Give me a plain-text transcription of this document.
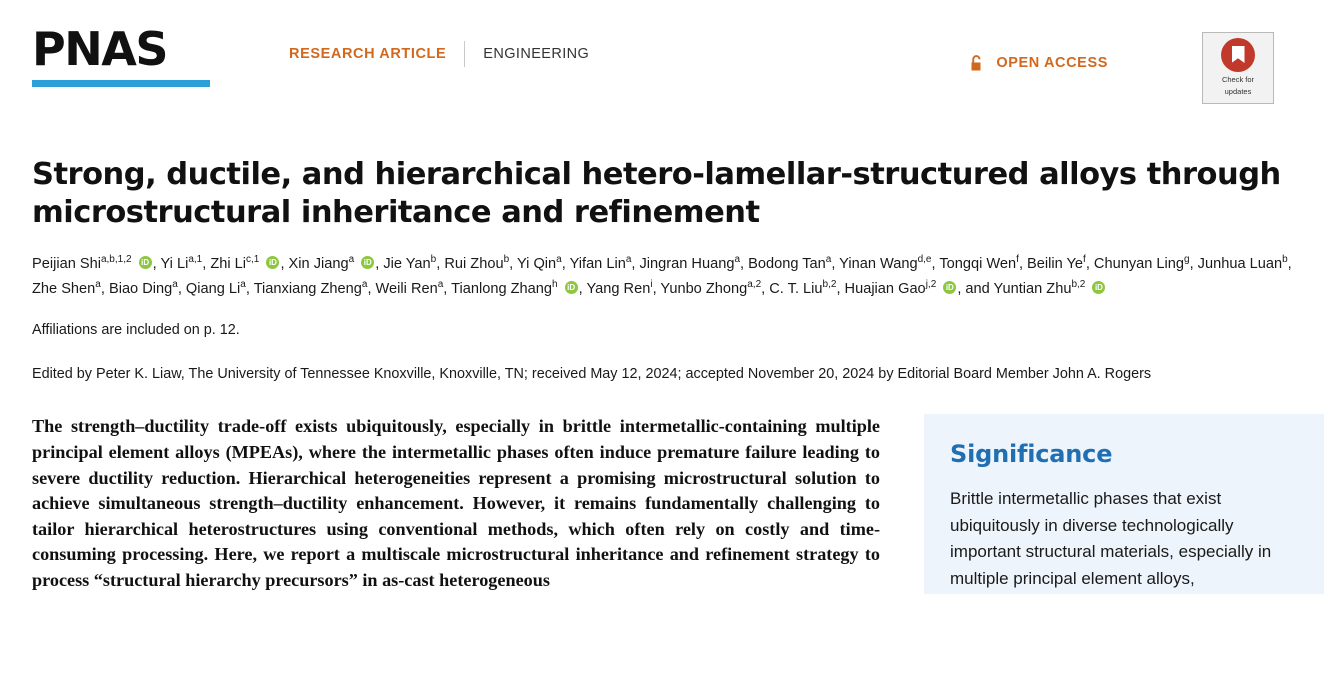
PNAS	RESEARCH ARTICLE	ENGINEERING
OPEN ACCESS
Check for
updates
Strong, ductile, and hierarchical hetero-lamellar-structured alloys through microstructural inheritance and refinement
Peijian Shi$^{a,b,1,2}$ iD , Yi Li$^{a,1}$, Zhi Li$^{c,1}$ iD , Xin Jiang$^a$ iD , Jie Yan$^b$, Rui Zhou$^b$, Yi Qin$^a$, Yifan Lin$^a$, Jingran Huang$^a$, Bodong Tan$^a$, Yinan Wang$^{d,e}$, Tongqi Wen$^f$, Beilin Ye$^f$, Chunyan Ling$^g$, Junhua Luan$^b$, Zhe Shen$^a$, Biao Ding$^a$, Qiang Li$^a$, Tianxiang Zheng$^a$, Weili Ren$^a$, Tianlong Zhang$^h$ iD , Yang Ren$^i$, Yunbo Zhong$^{a,2}$, C. T. Liu$^{b,2}$, Huajian Gao$^{j,2}$ iD , and Yuntian Zhu$^{b,2}$ iD
Affiliations are included on p. 12.
Edited by Peter K. Liaw, The University of Tennessee Knoxville, Knoxville, TN; received May 12, 2024; accepted November 20, 2024 by Editorial Board Member John A. Rogers
The strength–ductility trade-off exists ubiquitously, especially in brittle intermetallic-containing multiple principal element alloys (MPEAs), where the intermetallic phases often induce premature failure leading to severe ductility reduction. Hierarchical heterogeneities represent a promising microstructural solution to achieve simultaneous strength–ductility enhancement. However, it remains fundamentally challenging to tailor hierarchical heterostructures using conventional methods, which often rely on costly and time-consuming processing. Here, we report a multiscale microstructural inheritance and refinement strategy to process “structural hierarchy precursors” in as-cast heterogeneous
Significance

Brittle intermetallic phases that exist ubiquitously in diverse technologically important structural materials, especially in multiple principal element alloys,
